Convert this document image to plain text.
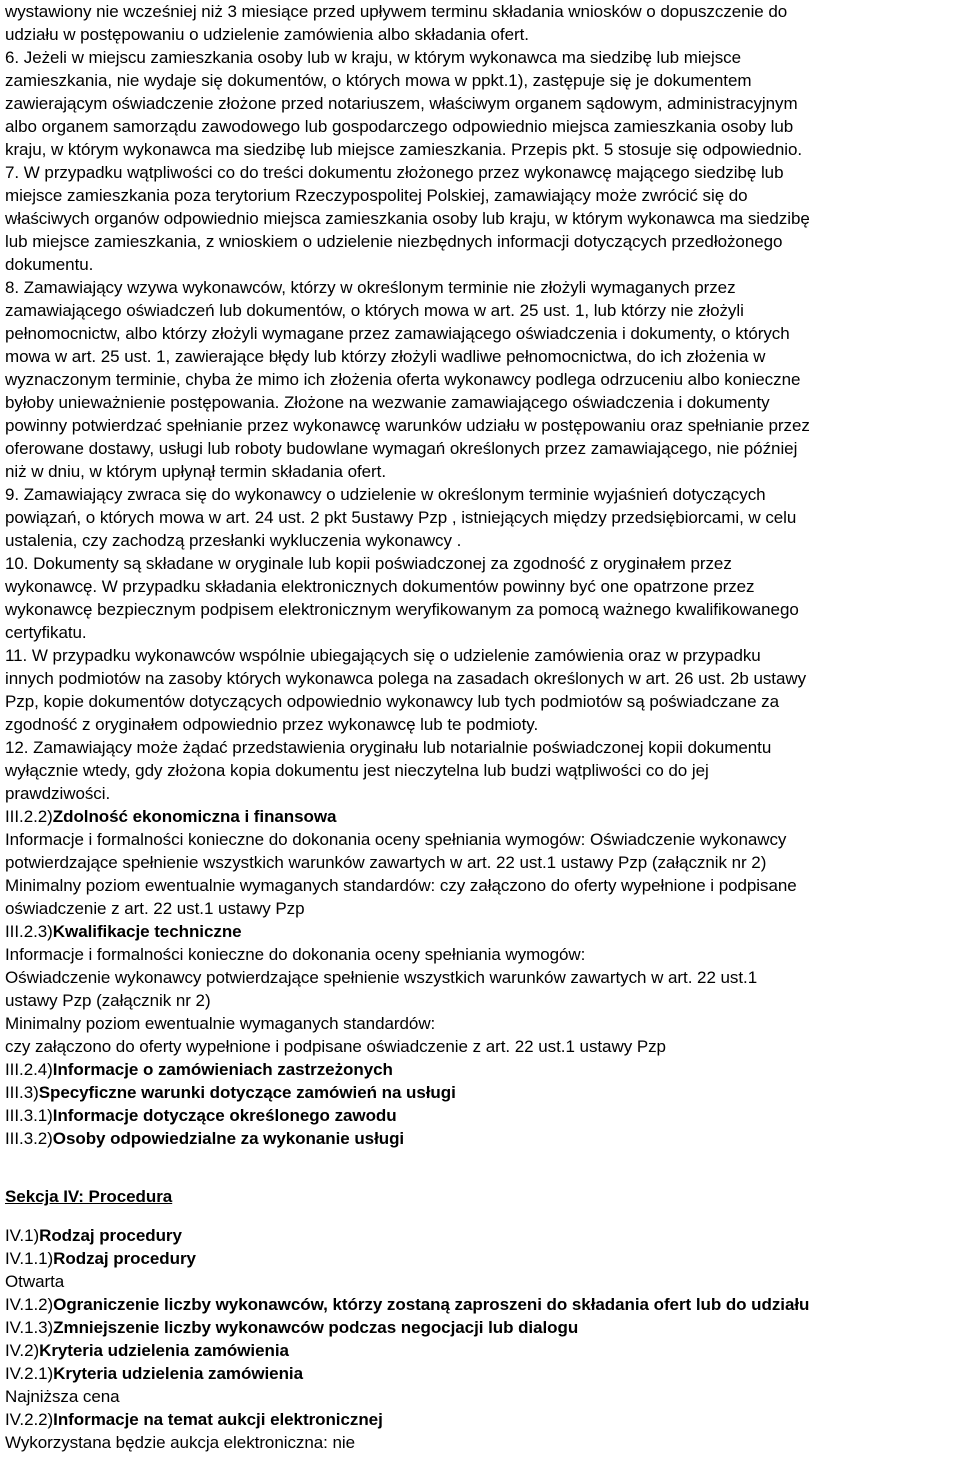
wystawiony nie wcześniej niż 3 miesiące przed upływem terminu składania wniosków o dopuszczenie do
udziału w postępowaniu o udzielenie zamówienia albo składania ofert.
6. Jeżeli w miejscu zamieszkania osoby lub w kraju, w którym wykonawca ma siedzibę lub miejsce
zamieszkania, nie wydaje się dokumentów, o których mowa w ppkt.1), zastępuje się je dokumentem
zawierającym oświadczenie złożone przed notariuszem, właściwym organem sądowym, administracyjnym
albo organem samorządu zawodowego lub gospodarczego odpowiednio miejsca zamieszkania osoby lub
kraju, w którym wykonawca ma siedzibę lub miejsce zamieszkania. Przepis pkt. 5 stosuje się odpowiednio.
7. W przypadku wątpliwości co do treści dokumentu złożonego przez wykonawcę mającego siedzibę lub
miejsce zamieszkania poza terytorium Rzeczypospolitej Polskiej, zamawiający może zwrócić się do
właściwych organów odpowiednio miejsca zamieszkania osoby lub kraju, w którym wykonawca ma siedzibę
lub miejsce zamieszkania, z wnioskiem o udzielenie niezbędnych informacji dotyczących przedłożonego
dokumentu.
8. Zamawiający wzywa wykonawców, którzy w określonym terminie nie złożyli wymaganych przez
zamawiającego oświadczeń lub dokumentów, o których mowa w art. 25 ust. 1, lub którzy nie złożyli
pełnomocnictw, albo którzy złożyli wymagane przez zamawiającego oświadczenia i dokumenty, o których
mowa w art. 25 ust. 1, zawierające błędy lub którzy złożyli wadliwe pełnomocnictwa, do ich złożenia w
wyznaczonym terminie, chyba że mimo ich złożenia oferta wykonawcy podlega odrzuceniu albo konieczne
byłoby unieważnienie postępowania. Złożone na wezwanie zamawiającego oświadczenia i dokumenty
powinny potwierdzać spełnianie przez wykonawcę warunków udziału w postępowaniu oraz spełnianie przez
oferowane dostawy, usługi lub roboty budowlane wymagań określonych przez zamawiającego, nie później
niż w dniu, w którym upłynął termin składania ofert.
9. Zamawiający zwraca się do wykonawcy o udzielenie w określonym terminie wyjaśnień dotyczących
powiązań, o których mowa w art. 24 ust. 2 pkt 5ustawy Pzp , istniejących między przedsiębiorcami, w celu
ustalenia, czy zachodzą przesłanki wykluczenia wykonawcy .
10. Dokumenty są składane w oryginale lub kopii poświadczonej za zgodność z oryginałem przez
wykonawcę. W przypadku składania elektronicznych dokumentów powinny być one opatrzone przez
wykonawcę bezpiecznym podpisem elektronicznym weryfikowanym za pomocą ważnego kwalifikowanego
certyfikatu.
11. W przypadku wykonawców wspólnie ubiegających się o udzielenie zamówienia oraz w przypadku
innych podmiotów na zasoby których wykonawca polega na zasadach określonych w art. 26 ust. 2b ustawy
Pzp, kopie dokumentów dotyczących odpowiednio wykonawcy lub tych podmiotów są poświadczane za
zgodność z oryginałem odpowiednio przez wykonawcę lub te podmioty.
12. Zamawiający może żądać przedstawienia oryginału lub notarialnie poświadczonej kopii dokumentu
wyłącznie wtedy, gdy złożona kopia dokumentu jest nieczytelna lub budzi wątpliwości co do jej
prawdziwości.
III.2.2)Zdolność ekonomiczna i finansowa
Informacje i formalności konieczne do dokonania oceny spełniania wymogów: Oświadczenie wykonawcy
potwierdzające spełnienie wszystkich warunków zawartych w art. 22 ust.1 ustawy Pzp (załącznik nr 2)
Minimalny poziom ewentualnie wymaganych standardów: czy załączono do oferty wypełnione i podpisane
oświadczenie z art. 22 ust.1 ustawy Pzp
III.2.3)Kwalifikacje techniczne
Informacje i formalności konieczne do dokonania oceny spełniania wymogów:
Oświadczenie wykonawcy potwierdzające spełnienie wszystkich warunków zawartych w art. 22 ust.1
ustawy Pzp (załącznik nr 2)
Minimalny poziom ewentualnie wymaganych standardów:
czy załączono do oferty wypełnione i podpisane oświadczenie z art. 22 ust.1 ustawy Pzp
III.2.4)Informacje o zamówieniach zastrzeżonych
III.3)Specyficzne warunki dotyczące zamówień na usługi
III.3.1)Informacje dotyczące określonego zawodu
III.3.2)Osoby odpowiedzialne za wykonanie usługi
Sekcja IV: Procedura
IV.1)Rodzaj procedury
IV.1.1)Rodzaj procedury
Otwarta
IV.1.2)Ograniczenie liczby wykonawców, którzy zostaną zaproszeni do składania ofert lub do udziału
IV.1.3)Zmniejszenie liczby wykonawców podczas negocjacji lub dialogu
IV.2)Kryteria udzielenia zamówienia
IV.2.1)Kryteria udzielenia zamówienia
Najniższa cena
IV.2.2)Informacje na temat aukcji elektronicznej
Wykorzystana będzie aukcja elektroniczna: nie
